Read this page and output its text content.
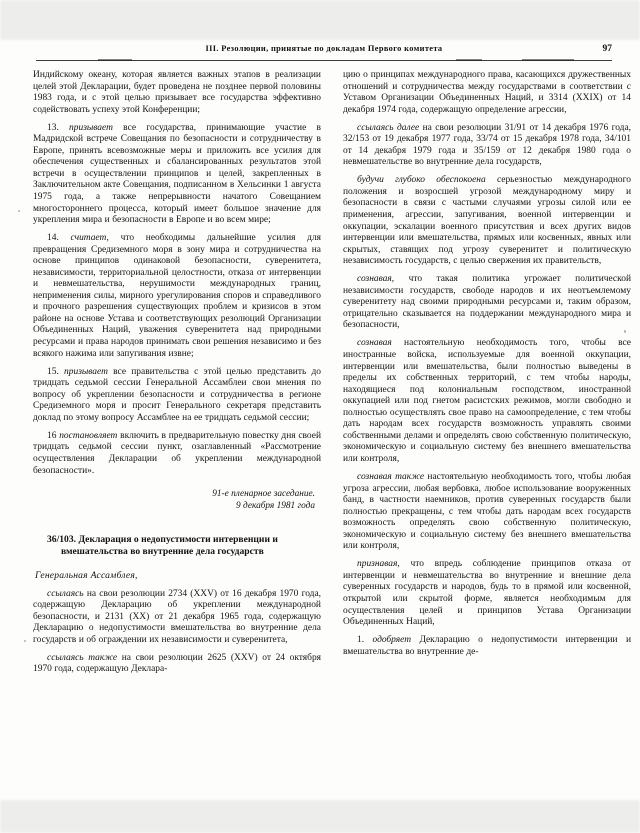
III. Резолюции, принятые по докладам Первого комитета	97

Индийскому океану, которая является важных этапов в реализации целей этой Декларации, будет проведена не позднее первой половины 1983 года, и с этой целью призывает все государства эффективно содействовать успеху этой Конференции;

13. призывает все государства, принимающие участие в Мадридской встрече Совещания по безопасности и сотрудничеству в Европе, принять всевозможные меры и приложить все усилия для обеспечения существенных и сбалансированных результатов этой встречи в осуществлении принципов и целей, закрепленных в Заключительном акте Совещания, подписанном в Хельсинки 1 августа 1975 года, а также непрерывности начатого Совещанием многостороннего процесса, который имеет большое значение для укрепления мира и безопасности в Европе и во всем мире;

14. считает, что необходимы дальнейшие усилия для превращения Средиземного моря в зону мира и сотрудничества на основе принципов одинаковой безопасности, суверенитета, независимости, территориальной целостности, отказа от интервенции и невмешательства, нерушимости международных границ, неприменения силы, мирного урегулирования споров и справедливого и прочного разрешения существующих проблем и кризисов в этом районе на основе Устава и соответствующих резолюций Организации Объединенных Наций, уважения суверенитета над природными ресурсами и права народов принимать свои решения независимо и без всякого нажима или запугивания извне;

15. призывает все правительства с этой целью представить до тридцать седьмой сессии Генеральной Ассамблеи свои мнения по вопросу об укреплении безопасности и сотрудничества в регионе Средиземного моря и просит Генерального секретаря представить доклад по этому вопросу Ассамблее на ее тридцать седьмой сессии;

16 постановляет включить в предварительную повестку дня своей тридцать седьмой сессии пункт, озаглавленный «Рассмотрение осуществления Декларации об укреплении международной безопасности».

91-е пленарное заседание.
9 декабря 1981 года
36/103. Декларация о недопустимости интервенции и вмешательства во внутренние дела государств

Генеральная Ассамблея,

ссылаясь на свои резолюции 2734 (XXV) от 16 декабря 1970 года, содержащую Декларацию об укреплении международной безопасности, и 2131 (XX) от 21 декабря 1965 года, содержащую Декларацию о недопустимости вмешательства во внутренние дела государств и об ограждении их независимости и суверенитета,

ссылаясь также на свои резолюции 2625 (XXV) от 24 октября 1970 года, содержащую Деклара-

цию о принципах международного права, касающихся дружественных отношений и сотрудничества между государствами в соответствии с Уставом Организации Объединенных Наций, и 3314 (XXIX) от 14 декабря 1974 года, содержащую определение агрессии,

ссылаясь далее на свои резолюции 31/91 от 14 декабря 1976 года, 32/153 от 19 декабря 1977 года, 33/74 от 15 декабря 1978 года, 34/101 от 14 декабря 1979 года и 35/159 от 12 декабря 1980 года о невмешательстве во внутренние дела государств,

будучи глубоко обеспокоена серьезностью международного положения и возросшей угрозой международному миру и безопасности в связи с частыми случаями угрозы силой или ее применения, агрессии, запугивания, военной интервенции и оккупации, эскалации военного присутствия и всех других видов интервенции или вмешательства, прямых или косвенных, явных или скрытых, ставящих под угрозу суверенитет и политическую независимость государств, с целью свержения их правительств,

сознавая, что такая политика угрожает политической независимости государств, свободе народов и их неотъемлемому суверенитету над своими природными ресурсами и, таким образом, отрицательно сказывается на поддержании международного мира и безопасности,

сознавая настоятельную необходимость того, чтобы все иностранные войска, используемые для военной оккупации, интервенции или вмешательства, были полностью выведены в пределы их собственных территорий, с тем чтобы народы, находящиеся под колониальным господством, иностранной оккупацией или под гнетом расистских режимов, могли свободно и полностью осуществлять свое право на самоопределение, с тем чтобы дать народам всех государств возможность управлять своими собственными делами и определять свою собственную политическую, экономическую и социальную систему без внешнего вмешательства или контроля,

сознавая также настоятельную необходимость того, чтобы любая угроза агрессии, любая вербовка, любое использование вооруженных банд, в частности наемников, против суверенных государств были полностью прекращены, с тем чтобы дать народам всех государств возможность определять свою собственную политическую, экономическую и социальную систему без внешнего вмешательства или контроля,

признавая, что впредь соблюдение принципов отказа от интервенции и невмешательства во внутренние и внешние дела суверенных государств и народов, будь то в прямой или косвенной, открытой или скрытой форме, является необходимым для осуществления целей и принципов Устава Организации Объединенных Наций,

1. одобряет Декларацию о недопустимости интервенции и вмешательства во внутренние де-
